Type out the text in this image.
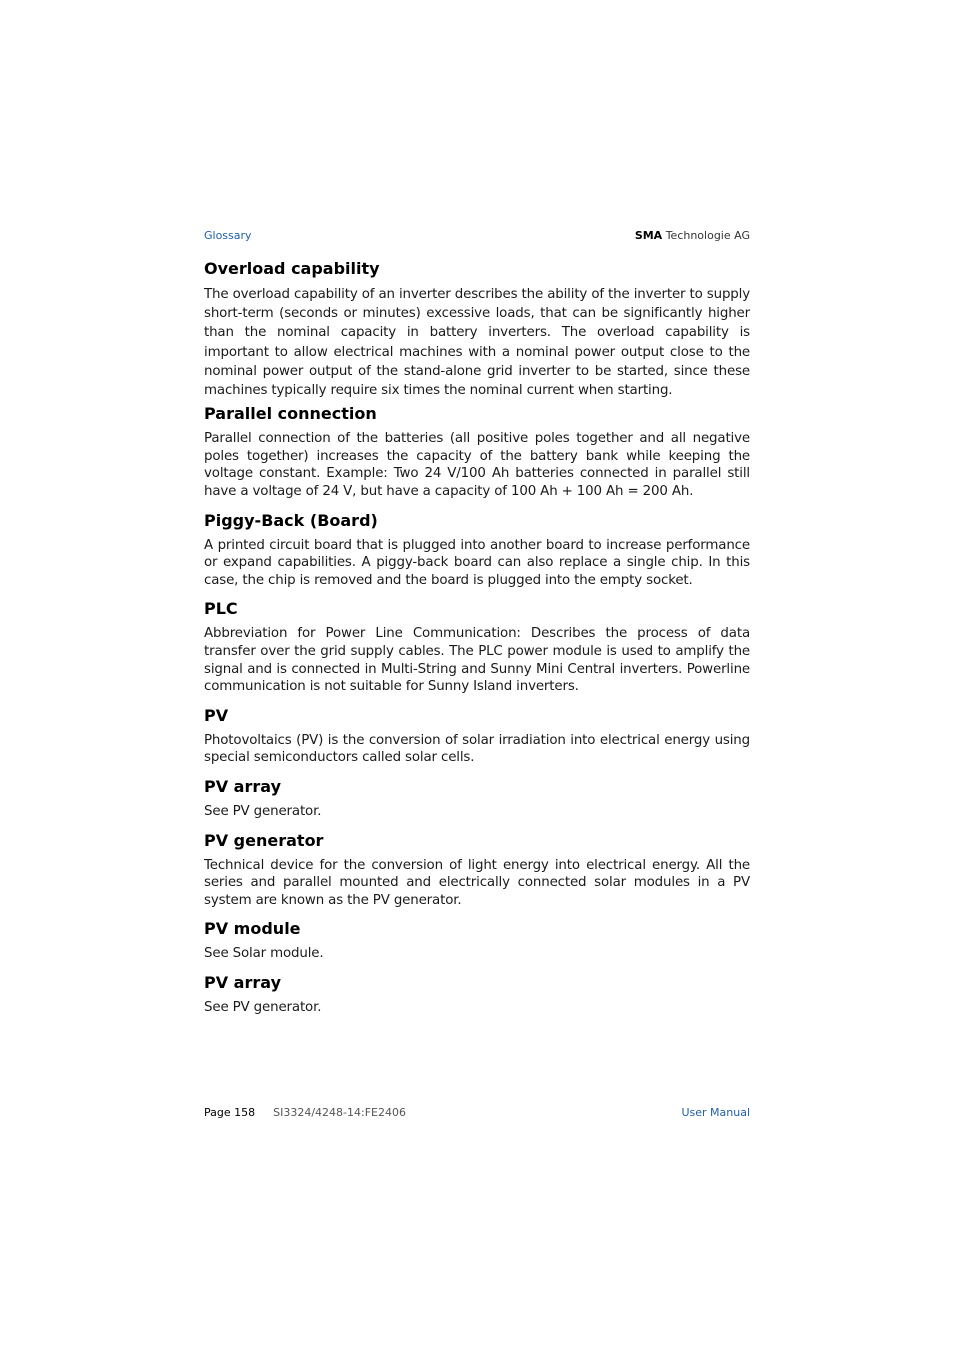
Glossary	SMA Technologie AG
Overload capability

The overload capability of an inverter describes the ability of the inverter to supply short-term (seconds or minutes) excessive loads, that can be significantly higher than the nominal capacity in battery inverters. The overload capability is important to allow electrical machines with a nominal power output close to the nominal power output of the stand-alone grid inverter to be started, since these machines typically require six times the nominal current when starting.

Parallel connection

Parallel connection of the batteries (all positive poles together and all negative poles together) increases the capacity of the battery bank while keeping the voltage constant. Example: Two 24 V/100 Ah batteries connected in parallel still have a voltage of 24 V, but have a capacity of 100 Ah + 100 Ah = 200 Ah.

Piggy-Back (Board)

A printed circuit board that is plugged into another board to increase performance or expand capabilities. A piggy-back board can also replace a single chip. In this case, the chip is removed and the board is plugged into the empty socket.

PLC

Abbreviation for Power Line Communication: Describes the process of data transfer over the grid supply cables. The PLC power module is used to amplify the signal and is connected in Multi-String and Sunny Mini Central inverters. Powerline communication is not suitable for Sunny Island inverters.

PV

Photovoltaics (PV) is the conversion of solar irradiation into electrical energy using special semiconductors called solar cells.

PV array

See PV generator.

PV generator

Technical device for the conversion of light energy into electrical energy. All the series and parallel mounted and electrically connected solar modules in a PV system are known as the PV generator.

PV module

See Solar module.

PV array

See PV generator.

Page 158 SI3324/4248-14:FE2406	User Manual
